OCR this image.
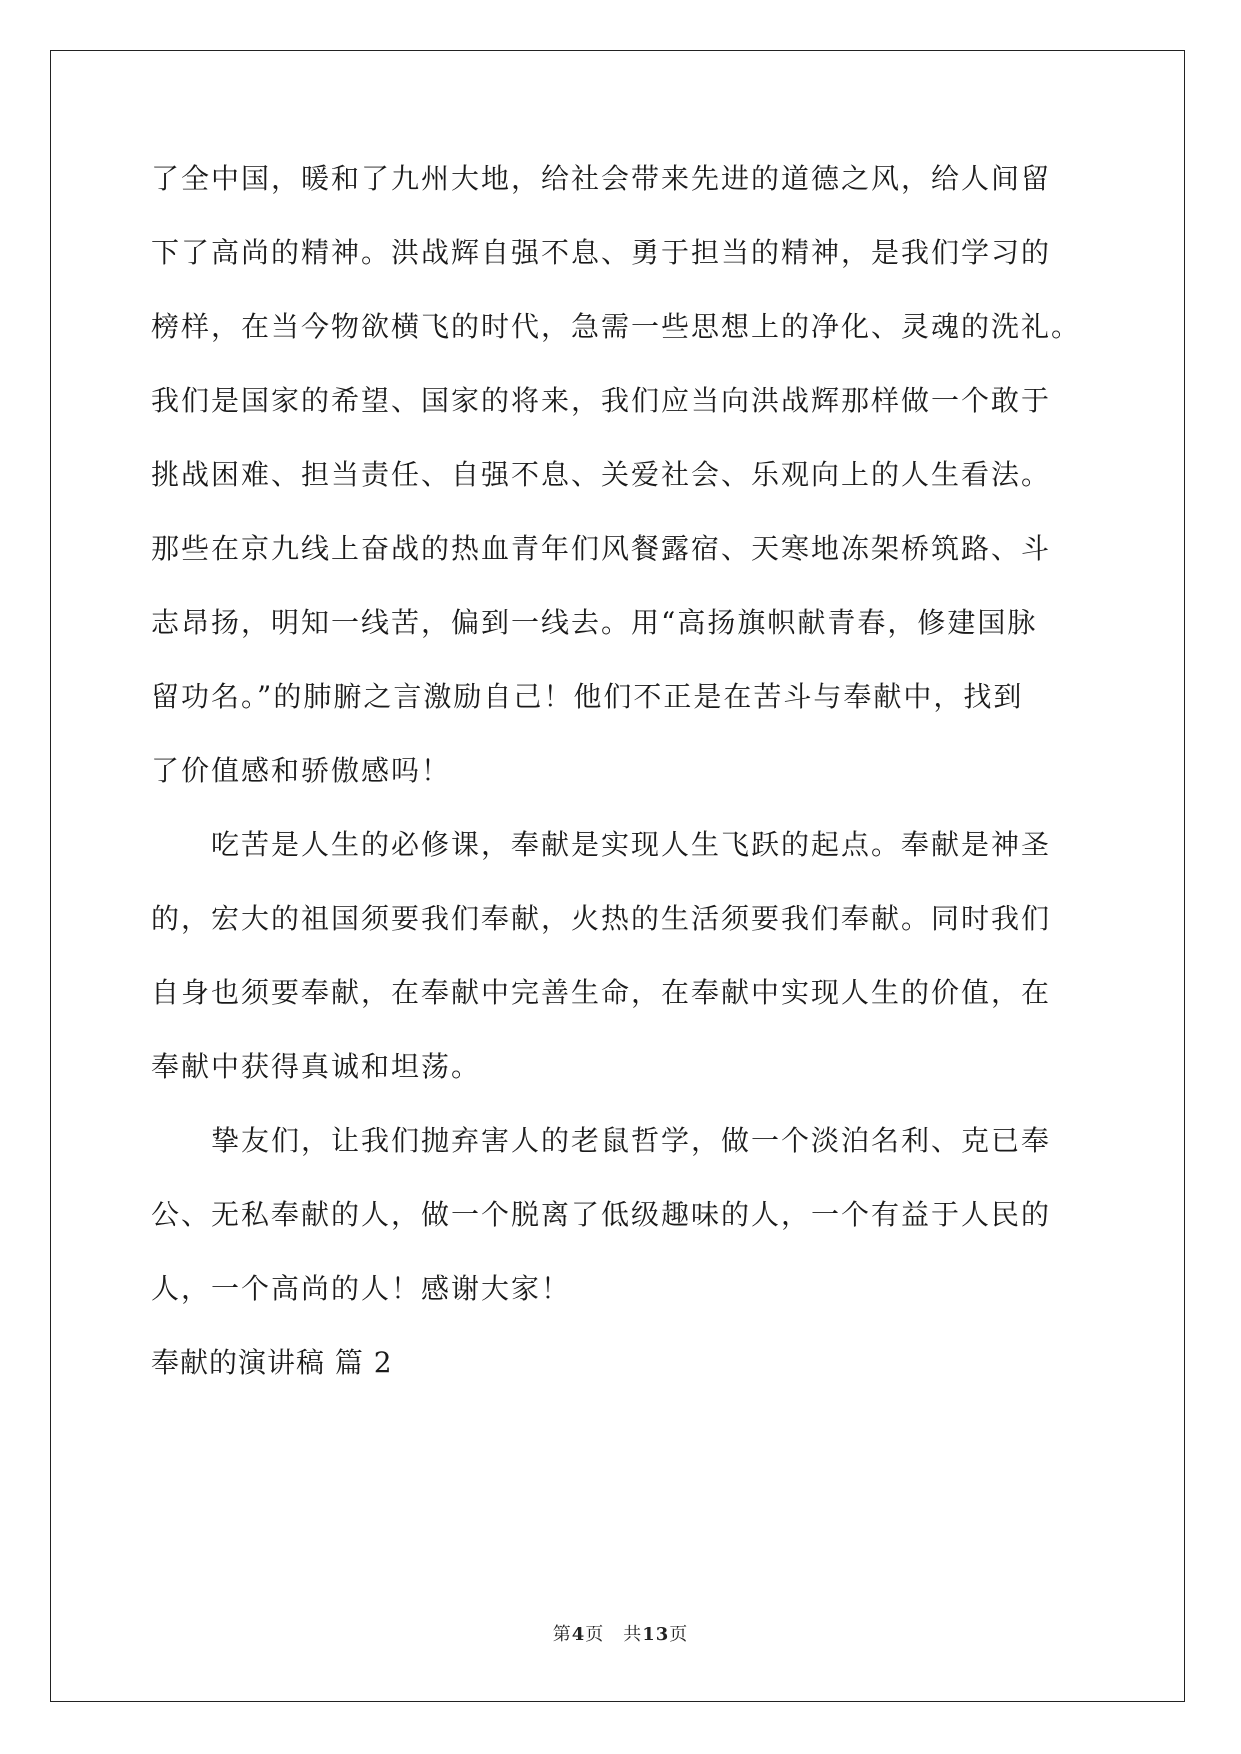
了全中国，暖和了九州大地，给社会带来先进的道德之风，给人间留
下了高尚的精神。洪战辉自强不息、勇于担当的精神，是我们学习的
榜样，在当今物欲横飞的时代，急需一些思想上的净化、灵魂的洗礼。
我们是国家的希望、国家的将来，我们应当向洪战辉那样做一个敢于
挑战困难、担当责任、自强不息、关爱社会、乐观向上的人生看法。
那些在京九线上奋战的热血青年们风餐露宿、天寒地冻架桥筑路、斗
志昂扬，明知一线苦，偏到一线去。用“高扬旗帜献青春，修建国脉
留功名。”的肺腑之言激励自己！他们不正是在苦斗与奉献中，找到
了价值感和骄傲感吗！
　　吃苦是人生的必修课，奉献是实现人生飞跃的起点。奉献是神圣
的，宏大的祖国须要我们奉献，火热的生活须要我们奉献。同时我们
自身也须要奉献，在奉献中完善生命，在奉献中实现人生的价值，在
奉献中获得真诚和坦荡。
　　挚友们，让我们抛弃害人的老鼠哲学，做一个淡泊名利、克已奉
公、无私奉献的人，做一个脱离了低级趣味的人，一个有益于人民的
人，一个高尚的人！感谢大家！
奉献的演讲稿 篇 2
第4页　共13页
